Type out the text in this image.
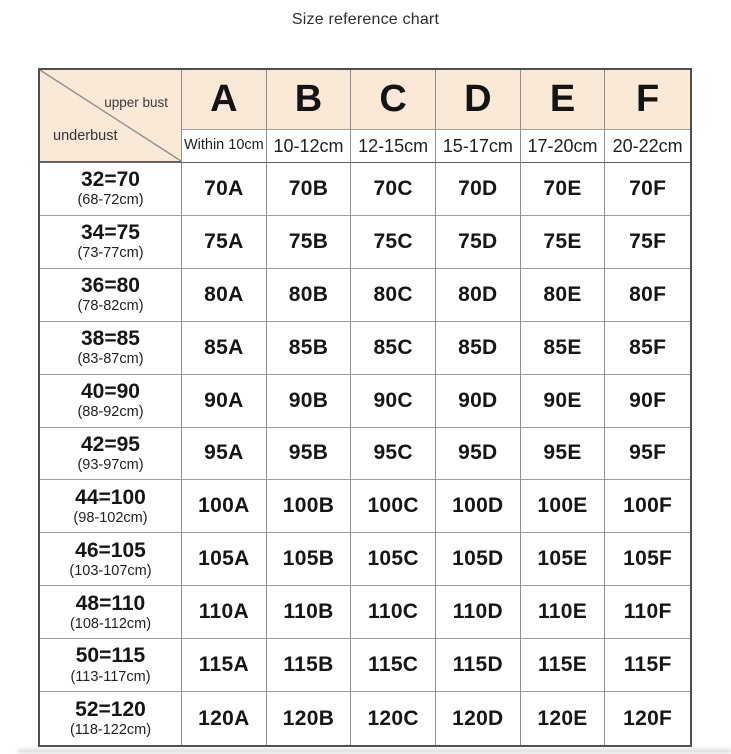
Size reference chart
upper bust
underbust
A	B	C	D	E	F
Within 10cm 10-12cm 12-15cm 15-17cm 17-20cm 20-22cm
32=70
(68-72cm)
70A	70B	70C	70D	70E	70F
34=75
(73-77cm)
75A	75B	75C	75D	75E	75F
36=80
(78-82cm)
80A	80B	80C	80D	80E	80F
38=85
(83-87cm)
85A	85B	85C	85D	85E	85F
40=90
(88-92cm)
90A	90B	90C	90D	90E	90F
42=95
(93-97cm)
95A	95B	95C	95D	95E	95F
44=100
(98-102cm)
100A	100B	100C	100D	100E	100F
46=105
(103-107cm)
105A	105B	105C	105D	105E	105F
48=110
(108-112cm)
110A	110B	110C	110D	110E	110F
50=115
(113-117cm)
115A	115B	115C	115D	115E	115F
52=120
(118-122cm)
120A	120B	120C	120D	120E	120F
